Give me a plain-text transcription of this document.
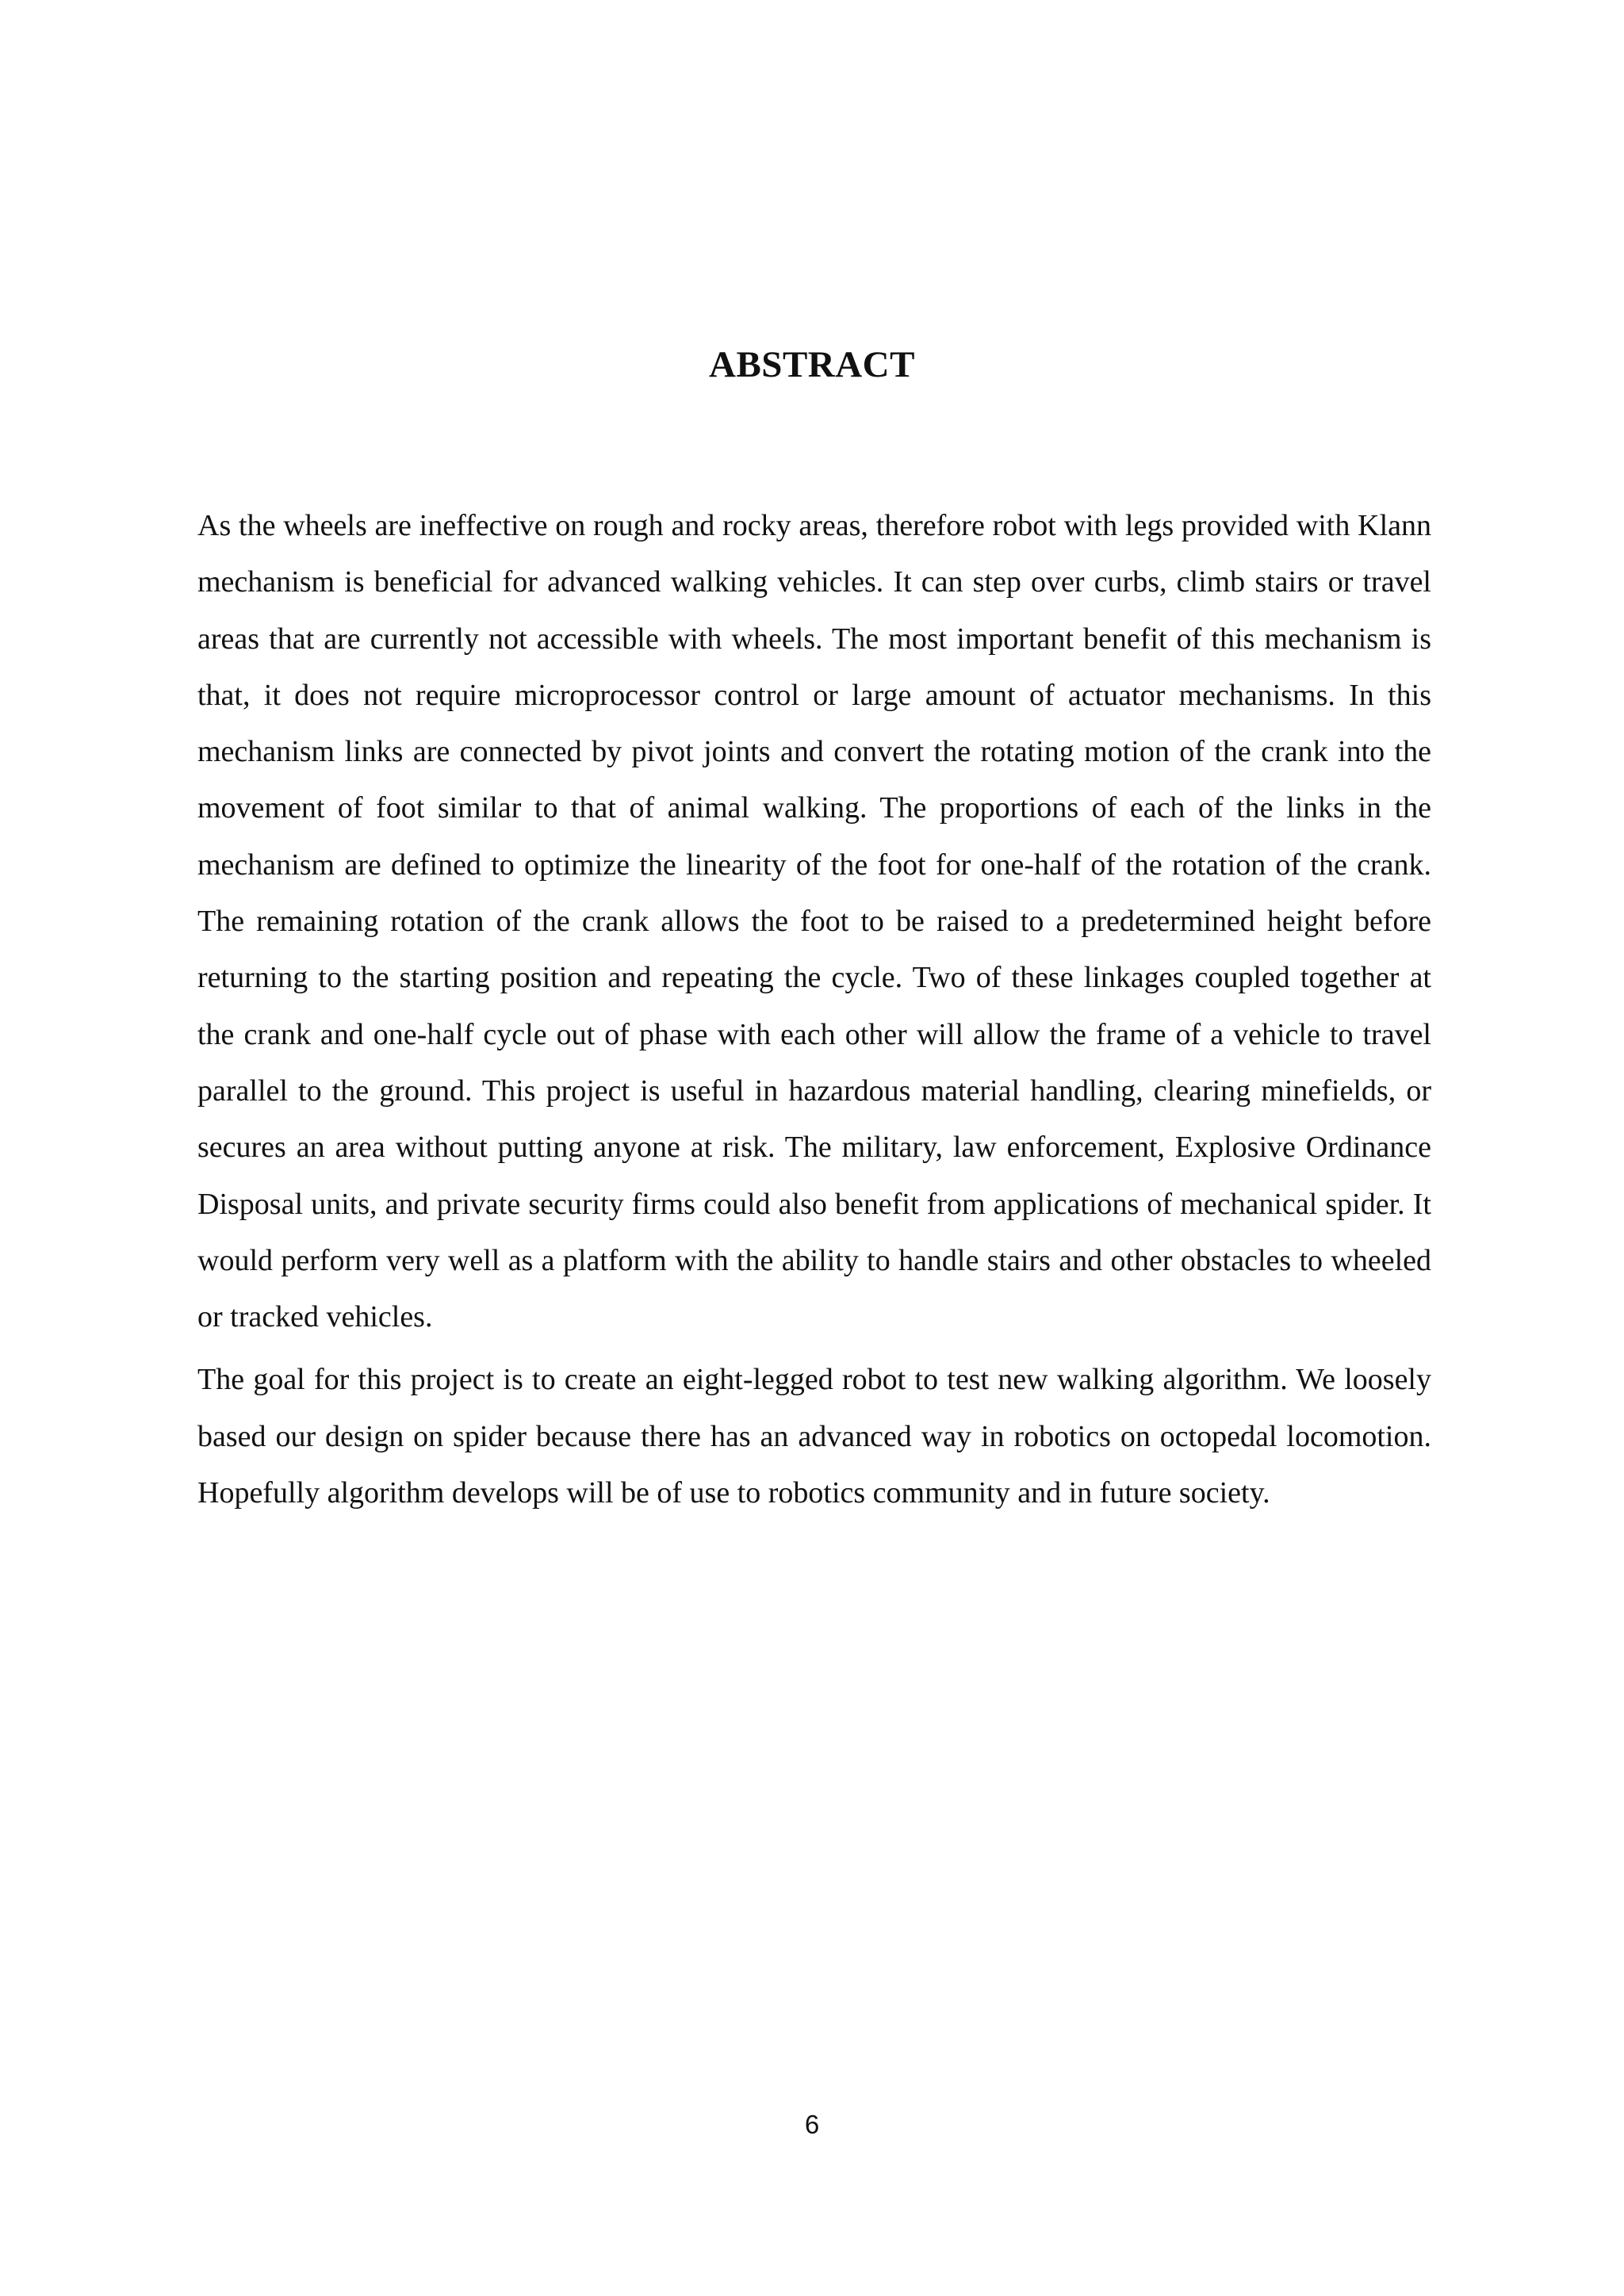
ABSTRACT

As the wheels are ineffective on rough and rocky areas, therefore robot with legs provided with Klann mechanism is beneficial for advanced walking vehicles. It can step over curbs, climb stairs or travel areas that are currently not accessible with wheels. The most important benefit of this mechanism is that, it does not require microprocessor control or large amount of actuator mechanisms. In this mechanism links are connected by pivot joints and convert the rotating motion of the crank into the movement of foot similar to that of animal walking. The proportions of each of the links in the mechanism are defined to optimize the linearity of the foot for one-half of the rotation of the crank. The remaining rotation of the crank allows the foot to be raised to a predetermined height before returning to the starting position and repeating the cycle. Two of these linkages coupled together at the crank and one-half cycle out of phase with each other will allow the frame of a vehicle to travel parallel to the ground. This project is useful in hazardous material handling, clearing minefields, or secures an area without putting anyone at risk. The military, law enforcement, Explosive Ordinance Disposal units, and private security firms could also benefit from applications of mechanical spider. It would perform very well as a platform with the ability to handle stairs and other obstacles to wheeled or tracked vehicles.

The goal for this project is to create an eight-legged robot to test new walking algorithm. We loosely based our design on spider because there has an advanced way in robotics on octopedal locomotion. Hopefully algorithm develops will be of use to robotics community and in future society.

6
